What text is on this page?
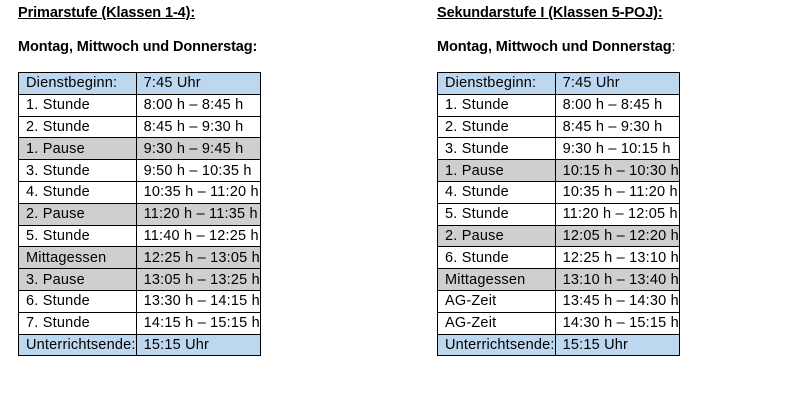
Primarstufe (Klassen 1-4):
Montag, Mittwoch und Donnerstag:
Dienstbeginn:	7:45 Uhr
1. Stunde	8:00 h – 8:45 h
2. Stunde	8:45 h – 9:30 h
1. Pause	9:30 h – 9:45 h
3. Stunde	9:50 h – 10:35 h
4. Stunde	10:35 h – 11:20 h
2. Pause	11:20 h – 11:35 h
5. Stunde	11:40 h – 12:25 h
Mittagessen	12:25 h – 13:05 h
3. Pause	13:05 h – 13:25 h
6. Stunde	13:30 h – 14:15 h
7. Stunde	14:15 h – 15:15 h
Unterrichtsende:	15:15 Uhr
Sekundarstufe I (Klassen 5-POJ):
Montag, Mittwoch und Donnerstag:
Dienstbeginn:	7:45 Uhr
1. Stunde	8:00 h – 8:45 h
2. Stunde	8:45 h – 9:30 h
3. Stunde	9:30 h – 10:15 h
1. Pause	10:15 h – 10:30 h
4. Stunde	10:35 h – 11:20 h
5. Stunde	11:20 h – 12:05 h
2. Pause	12:05 h – 12:20 h
6. Stunde	12:25 h – 13:10 h
Mittagessen	13:10 h – 13:40 h
AG-Zeit	13:45 h – 14:30 h
AG-Zeit	14:30 h – 15:15 h
Unterrichtsende:	15:15 Uhr
